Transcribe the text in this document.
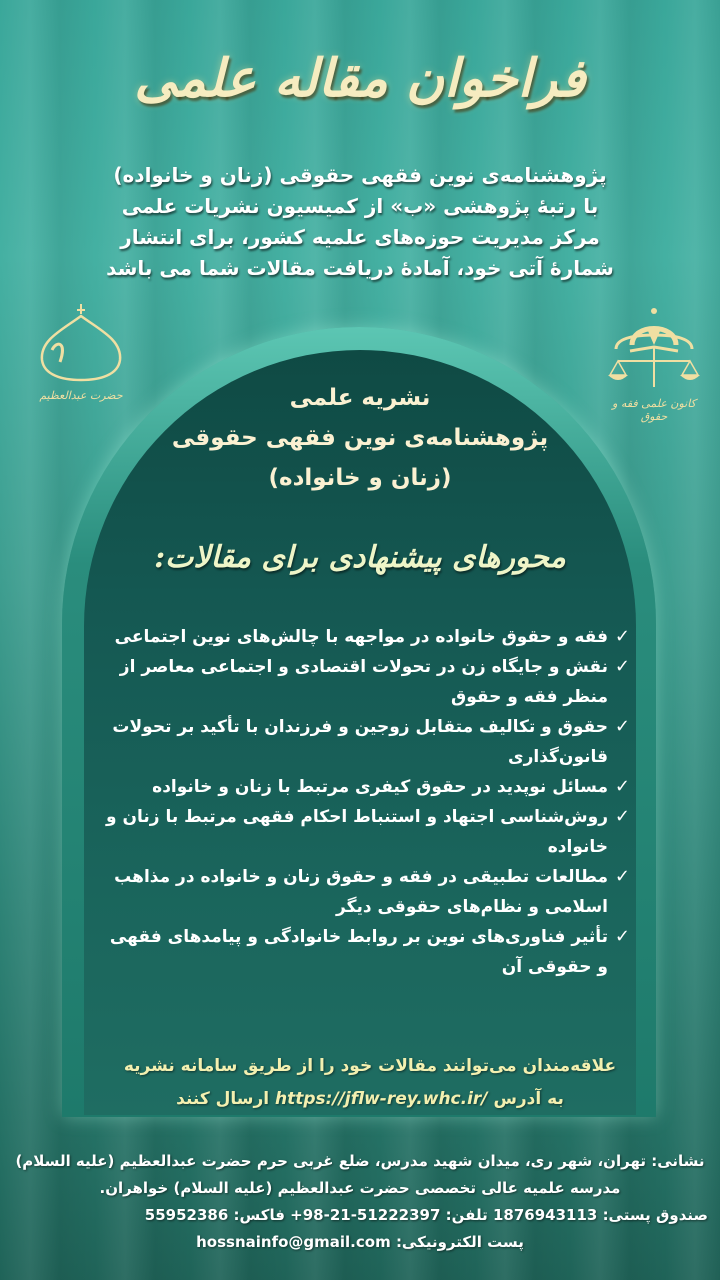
فراخوان مقاله علمی
پژوهشنامه‌ی نوین فقهی حقوقی (زنان و خانواده)
با رتبهٔ پژوهشی «ب» از کمیسیون نشریات علمی
مرکز مدیریت حوزه‌های علمیه کشور، برای انتشار
شمارهٔ آتی خود، آمادهٔ دریافت مقالات شما می باشد
حضرت عبدالعظیم
کانون علمی فقه و حقوق
نشریه علمی
پژوهشنامه‌ی نوین فقهی حقوقی
(زنان و خانواده)
محورهای پیشنهادی برای مقالات:
✓
فقه و حقوق خانواده در مواجهه با چالش‌های نوین اجتماعی
✓
نقش و جایگاه زن در تحولات اقتصادی و اجتماعی معاصر از منظر فقه و حقوق
✓
حقوق و تکالیف متقابل زوجین و فرزندان با تأکید بر تحولات قانون‌گذاری
✓
مسائل نوپدید در حقوق کیفری مرتبط با زنان و خانواده
✓
روش‌شناسی اجتهاد و استنباط احکام فقهی مرتبط با زنان و خانواده
✓
مطالعات تطبیقی در فقه و حقوق زنان و خانواده در مذاهب اسلامی و نظام‌های حقوقی دیگر
✓
تأثیر فناوری‌های نوین بر روابط خانوادگی و پیامدهای فقهی و حقوقی آن
علاقه‌مندان می‌توانند مقالات خود را از طریق سامانه نشریه
به آدرس https://jflw-rey.whc.ir/ ارسال کنند
نشانی: تهران، شهر ری، میدان شهید مدرس، ضلع غربی حرم حضرت عبدالعظیم (علیه السلام)
مدرسه علمیه عالی تخصصی حضرت عبدالعظیم (علیه السلام) خواهران.
صندوق پستی: 1876943113 تلفن: +98-21-51222397 فاکس: 55952386
پست الکترونیکی: hossnainfo@gmail.com
